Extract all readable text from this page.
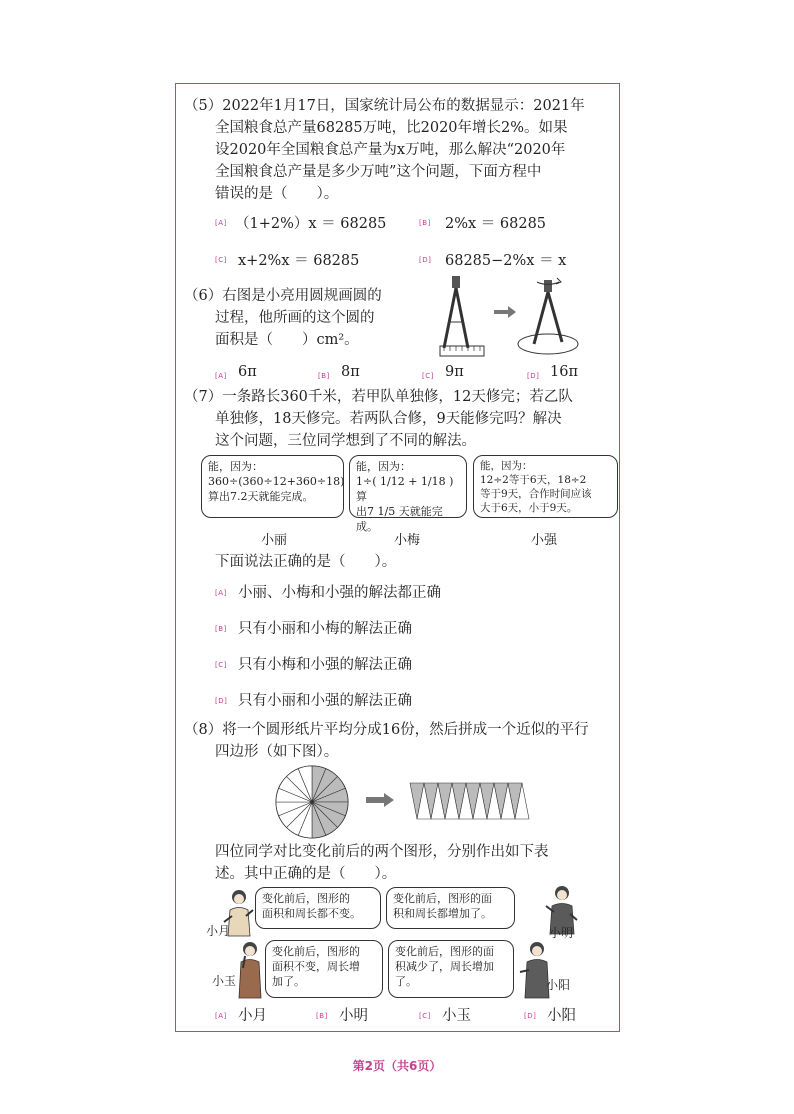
（5）2022年1月17日，国家统计局公布的数据显示：2021年
全国粮食总产量68285万吨，比2020年增长2%。如果
设2020年全国粮食总产量为x万吨，那么解决“2020年
全国粮食总产量是多少万吨”这个问题，下面方程中
错误的是（　　）。
[A] （1+2%）x ＝ 68285	[B] 2%x ＝ 68285
[C] x+2%x ＝ 68285	[D] 68285−2%x ＝ x
（6）右图是小亮用圆规画圆的
过程，他所画的这个圆的
面积是（　　）cm²。
[A] 6π	[B] 8π	[C] 9π	[D] 16π
（7）一条路长360千米，若甲队单独修，12天修完；若乙队
单独修，18天修完。若两队合修，9天能修完吗？解决
这个问题，三位同学想到了不同的解法。
能，因为：
360÷(360÷12+360÷18)
算出7.2天就能完成。
能，因为：
1÷( 1/12 + 1/18 )算
出7 1/5 天就能完成。
能，因为：
12÷2等于6天，18÷2
等于9天，合作时间应该
大于6天，小于9天。
小丽	小梅	小强
下面说法正确的是（　　）。
[A] 小丽、小梅和小强的解法都正确
[B] 只有小丽和小梅的解法正确
[C] 只有小梅和小强的解法正确
[D] 只有小丽和小强的解法正确
（8）将一个圆形纸片平均分成16份，然后拼成一个近似的平行
四边形（如下图）。
四位同学对比变化前后的两个图形，分别作出如下表
述。其中正确的是（　　）。
小月	小明
小玉	小阳
变化前后，图形的
面积和周长都不变。
变化前后，图形的面
积和周长都增加了。
变化前后，图形的
面积不变，周长增
加了。
变化前后，图形的面
积减少了，周长增加
了。
[A] 小月	[B] 小明	[C] 小玉	[D] 小阳
第2页（共6页）
